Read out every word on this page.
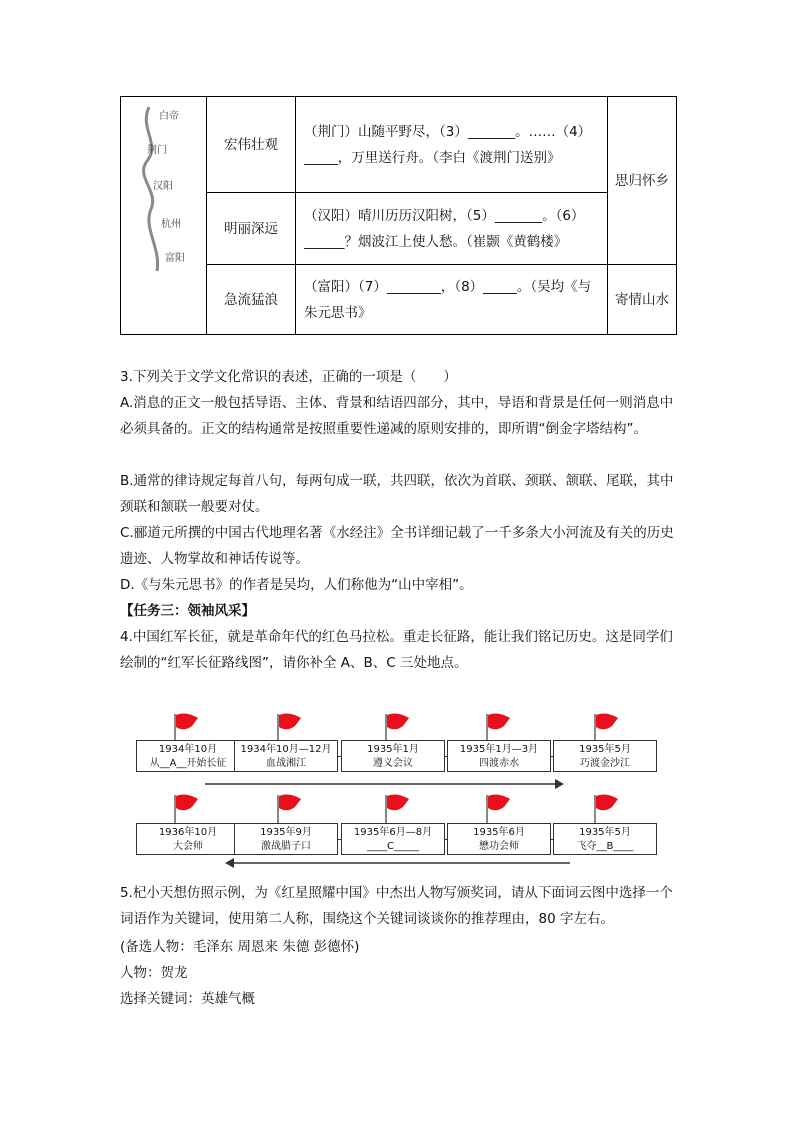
白帝
荆门
汉阳
杭州
富阳	宏伟壮观	（荆门）山随平野尽，（3）_______。……（4）_____，万里送行舟。（李白《渡荆门送别》	思归怀乡
	明丽深远	（汉阳）晴川历历汉阳树，（5）_______。（6）______？烟波江上使人愁。（崔颢《黄鹤楼》	
	急流猛浪	（富阳）（7）________，（8）_____。（吴均《与朱元思书》	寄情山水
3.下列关于文学文化常识的表述，正确的一项是（　　）
A.消息的正文一般包括导语、主体、背景和结语四部分，其中，导语和背景是任何一则消息中必须具备的。正文的结构通常是按照重要性递减的原则安排的，即所谓“倒金字塔结构”。
B.通常的律诗规定每首八句，每两句成一联，共四联，依次为首联、颈联、颔联、尾联，其中颈联和颔联一般要对仗。
C.郦道元所撰的中国古代地理名著《水经注》全书详细记载了一千多条大小河流及有关的历史遗迹、人物掌故和神话传说等。
D.《与朱元思书》的作者是吴均，人们称他为“山中宰相”。
【任务三：领袖风采】
4.中国红军长征，就是革命年代的红色马拉松。重走长征路，能让我们铭记历史。这是同学们绘制的“红军长征路线图”，请你补全 A、B、C 三处地点。
1934年10月
从__A__开始长征
1934年10月—12月
血战湘江
1935年1月
遵义会议
1935年1月—3月
四渡赤水
1935年5月
巧渡金沙江
1936年10月
大会师
1935年9月
激战腊子口
1935年6月—8月
____C_____
1935年6月
懋功会师
1935年5月
飞夺__B____
5.杞小天想仿照示例，为《红星照耀中国》中杰出人物写颁奖词，请从下面词云图中选择一个词语作为关键词，使用第二人称，围绕这个关键词谈谈你的推荐理由，80 字左右。
(备选人物：毛泽东 周恩来 朱德 彭德怀)
人物：贺龙
选择关键词：英雄气概
